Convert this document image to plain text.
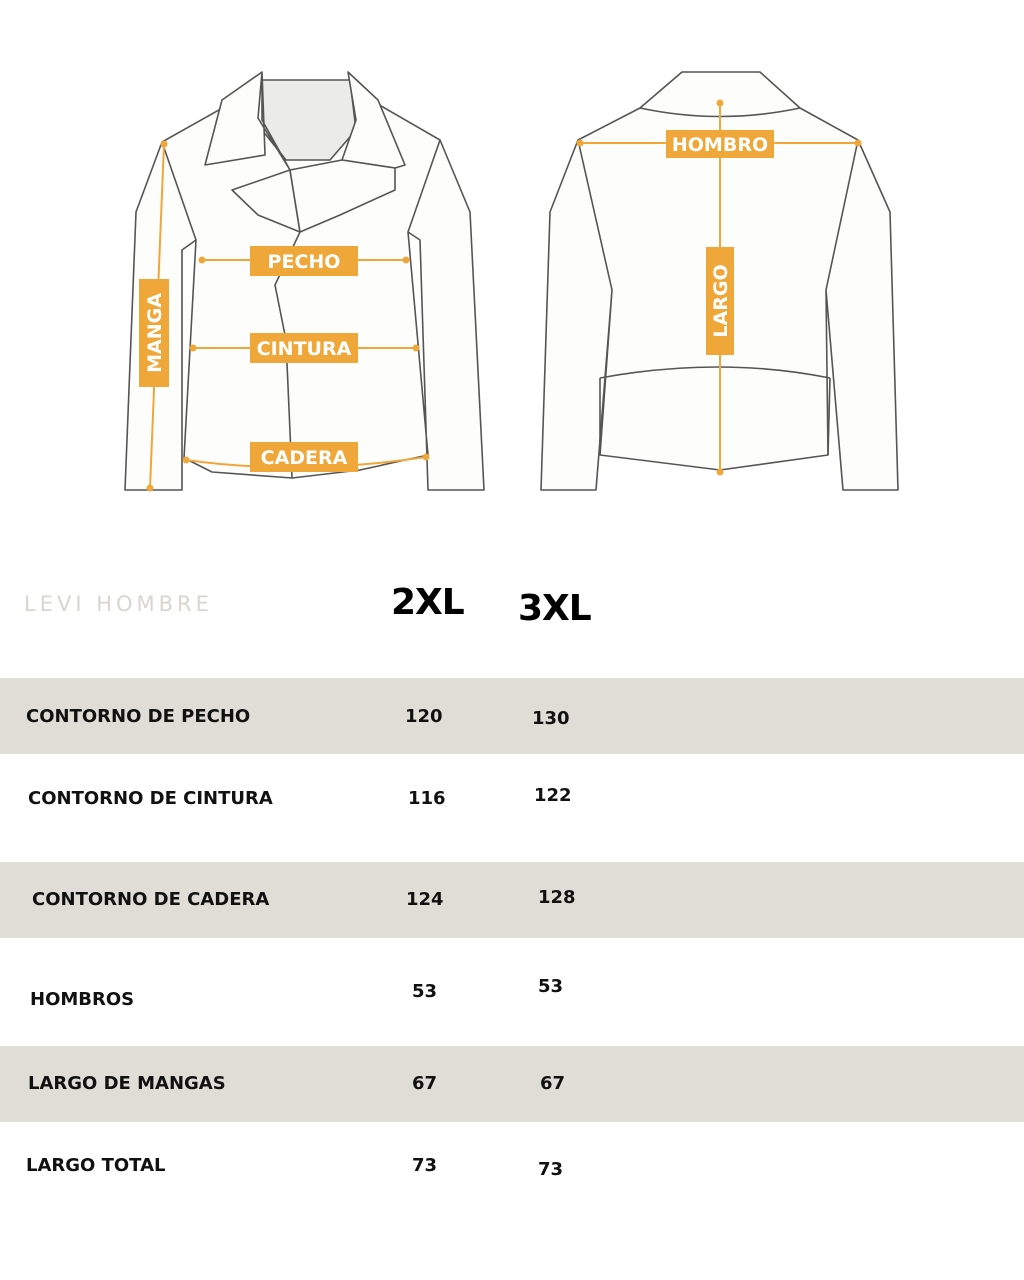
PECHO
CINTURA
CADERA
MANGA
HOMBRO
LARGO
LEVI HOMBRE	2XL 3XL
CONTORNO DE PECHO	120	130
CONTORNO DE CINTURA	116	122
CONTORNO DE CADERA	124	128
HOMBROS	53	53
LARGO DE MANGAS	67	67
LARGO TOTAL	73	73
